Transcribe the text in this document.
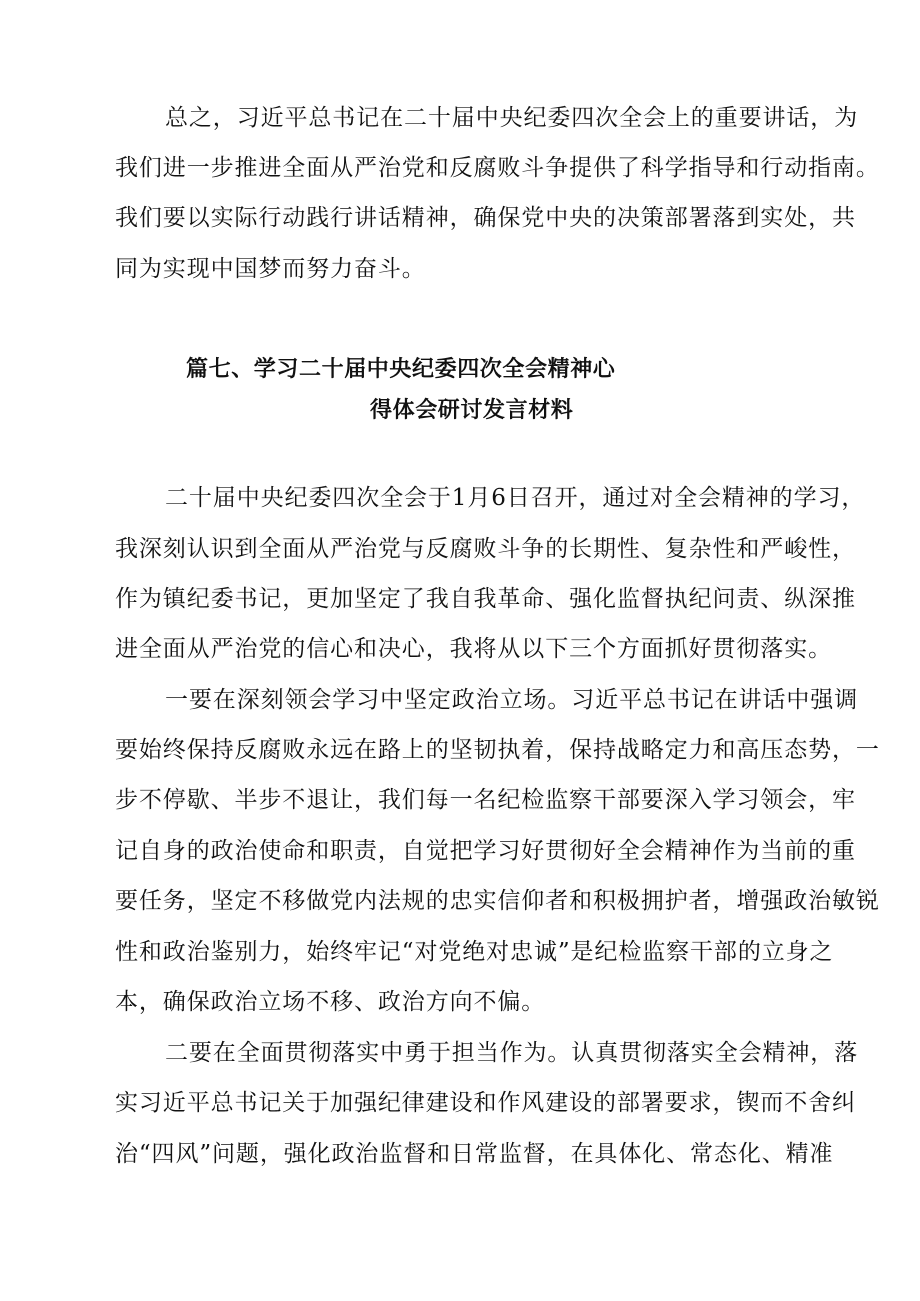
总之，习近平总书记在二十届中央纪委四次全会上的重要讲话，为
我们进一步推进全面从严治党和反腐败斗争提供了科学指导和行动指南。
我们要以实际行动践行讲话精神，确保党中央的决策部署落到实处，共
同为实现中国梦而努力奋斗。
篇七、学习二十届中央纪委四次全会精神心
得体会研讨发言材料
二十届中央纪委四次全会于1月6日召开，通过对全会精神的学习，
我深刻认识到全面从严治党与反腐败斗争的长期性、复杂性和严峻性，
作为镇纪委书记，更加坚定了我自我革命、强化监督执纪问责、纵深推
进全面从严治党的信心和决心，我将从以下三个方面抓好贯彻落实。
一要在深刻领会学习中坚定政治立场。习近平总书记在讲话中强调
要始终保持反腐败永远在路上的坚韧执着，保持战略定力和高压态势，一
步不停歇、半步不退让，我们每一名纪检监察干部要深入学习领会，牢
记自身的政治使命和职责，自觉把学习好贯彻好全会精神作为当前的重
要任务，坚定不移做党内法规的忠实信仰者和积极拥护者，增强政治敏锐
性和政治鉴别力，始终牢记“对党绝对忠诚”是纪检监察干部的立身之
本，确保政治立场不移、政治方向不偏。
二要在全面贯彻落实中勇于担当作为。认真贯彻落实全会精神，落
实习近平总书记关于加强纪律建设和作风建设的部署要求，锲而不舍纠
治“四风”问题，强化政治监督和日常监督，在具体化、常态化、精准
